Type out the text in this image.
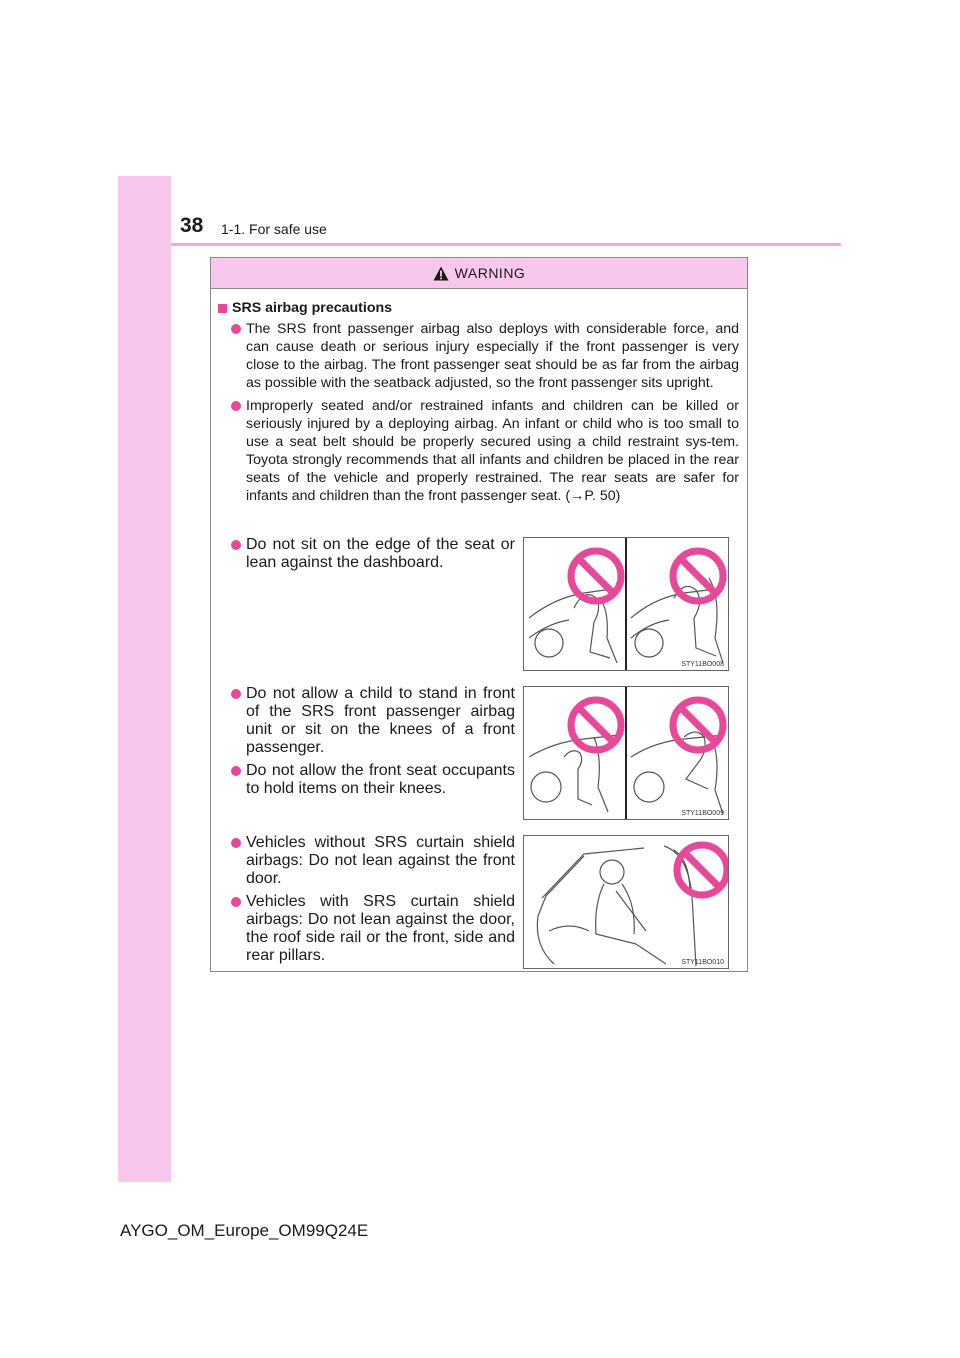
38 1-1. For safe use
WARNING
SRS airbag precautions
The SRS front passenger airbag also deploys with considerable force, and can cause death or serious injury especially if the front passenger is very close to the airbag. The front passenger seat should be as far from the airbag as possible with the seatback adjusted, so the front passenger sits upright.
Improperly seated and/or restrained infants and children can be killed or seriously injured by a deploying airbag. An infant or child who is too small to use a seat belt should be properly secured using a child restraint sys-tem. Toyota strongly recommends that all infants and children be placed in the rear seats of the vehicle and properly restrained. The rear seats are safer for infants and children than the front passenger seat. (→P. 50)
Do not sit on the edge of the seat or lean against the dashboard.
STY11BO008
Do not allow a child to stand in front of the SRS front passenger airbag unit or sit on the knees of a front passenger.
Do not allow the front seat occupants to hold items on their knees.
STY11BO009
Vehicles without SRS curtain shield airbags: Do not lean against the front door.
Vehicles with SRS curtain shield airbags: Do not lean against the door, the roof side rail or the front, side and rear pillars.	STY11BO010
AYGO_OM_Europe_OM99Q24E
